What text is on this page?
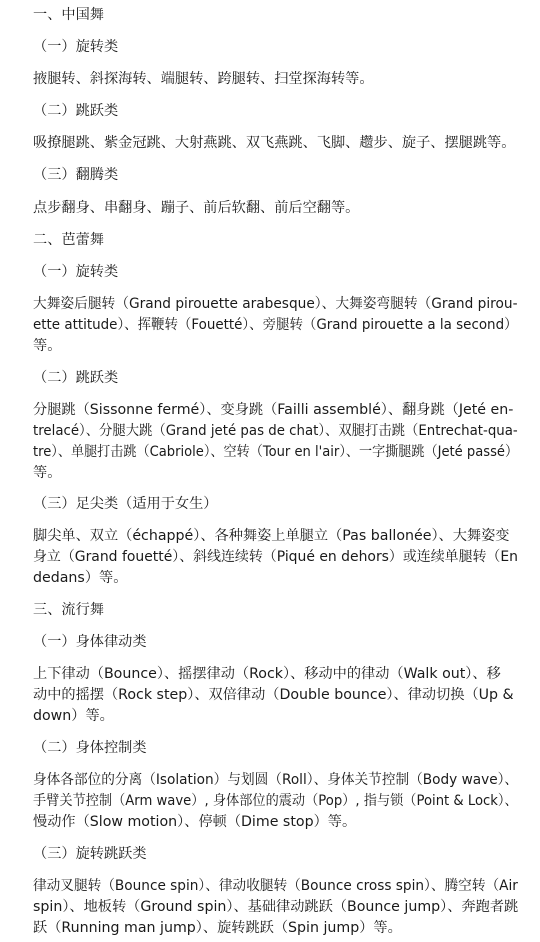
一、中国舞
（一）旋转类
掖腿转、斜探海转、端腿转、跨腿转、扫堂探海转等。
（二）跳跃类
吸撩腿跳、紫金冠跳、大射燕跳、双飞燕跳、飞脚、趱步、旋子、摆腿跳等。
（三）翻腾类
点步翻身、串翻身、蹦子、前后软翻、前后空翻等。
二、芭蕾舞
（一）旋转类
大舞姿后腿转（Grand pirouette arabesque）、大舞姿弯腿转（Grand pirou-
ette attitude）、挥鞭转（Fouetté）、旁腿转（Grand pirouette a la second）
等。
（二）跳跃类
分腿跳（Sissonne fermé）、变身跳（Failli assemblé）、翻身跳（Jeté en-
trelacé）、分腿大跳（Grand jeté pas de chat）、双腿打击跳（Entrechat-qua-
tre）、单腿打击跳（Cabriole）、空转（Tour en l'air）、一字撕腿跳（Jeté passé）
等。
（三）足尖类（适用于女生）
脚尖单、双立（échappé）、各种舞姿上单腿立（Pas ballonée）、大舞姿变
身立（Grand fouetté）、斜线连续转（Piqué en dehors）或连续单腿转（En
dedans）等。
三、流行舞
（一）身体律动类
上下律动（Bounce）、摇摆律动（Rock）、移动中的律动（Walk out）、移
动中的摇摆（Rock step）、双倍律动（Double bounce）、律动切换（Up &
down）等。
（二）身体控制类
身体各部位的分离（Isolation）与划圆（Roll）、身体关节控制（Body wave）、
手臂关节控制（Arm wave）, 身体部位的震动（Pop）, 指与锁（Point & Lock）、
慢动作（Slow motion）、停顿（Dime stop）等。
（三）旋转跳跃类
律动叉腿转（Bounce spin）、律动收腿转（Bounce cross spin）、腾空转（Air
spin）、地板转（Ground spin）、基础律动跳跃（Bounce jump）、奔跑者跳
跃（Running man jump）、旋转跳跃（Spin jump）等。
